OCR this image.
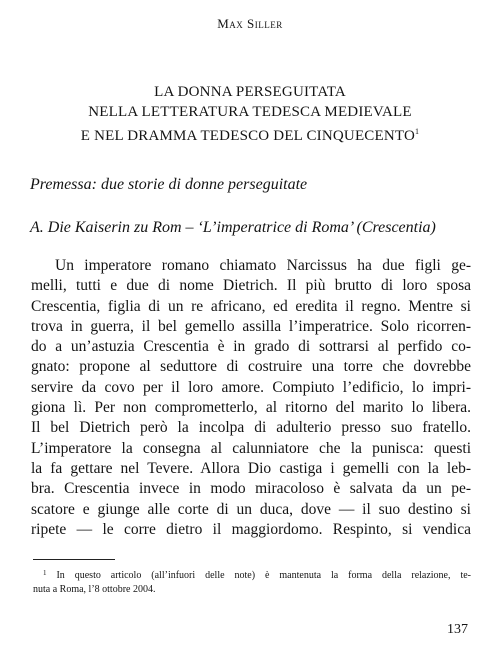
Max Siller
LA DONNA PERSEGUITATA
NELLA LETTERATURA TEDESCA MEDIEVALE
E NEL DRAMMA TEDESCO DEL CINQUECENTO$^1$
Premessa: due storie di donne perseguitate
A. Die Kaiserin zu Rom – ‘L’imperatrice di Roma’ (Crescentia)
Un imperatore romano chiamato Narcissus ha due figli ge-
melli, tutti e due di nome Dietrich. Il più brutto di loro sposa
Crescentia, figlia di un re africano, ed eredita il regno. Mentre si
trova in guerra, il bel gemello assilla l’imperatrice. Solo ricorren-
do a un’astuzia Crescentia è in grado di sottrarsi al perfido co-
gnato: propone al seduttore di costruire una torre che dovrebbe
servire da covo per il loro amore. Compiuto l’edificio, lo impri-
giona lì. Per non comprometterlo, al ritorno del marito lo libera.
Il bel Dietrich però la incolpa di adulterio presso suo fratello.
L’imperatore la consegna al calunniatore che la punisca: questi
la fa gettare nel Tevere. Allora Dio castiga i gemelli con la leb-
bra. Crescentia invece in modo miracoloso è salvata da un pe-
scatore e giunge alle corte di un duca, dove — il suo destino si
ripete — le corre dietro il maggiordomo. Respinto, si vendica
$^1$ In questo articolo (all’infuori delle note) è mantenuta la forma della relazione, te-
nuta a Roma, l’8 ottobre 2004.
137
